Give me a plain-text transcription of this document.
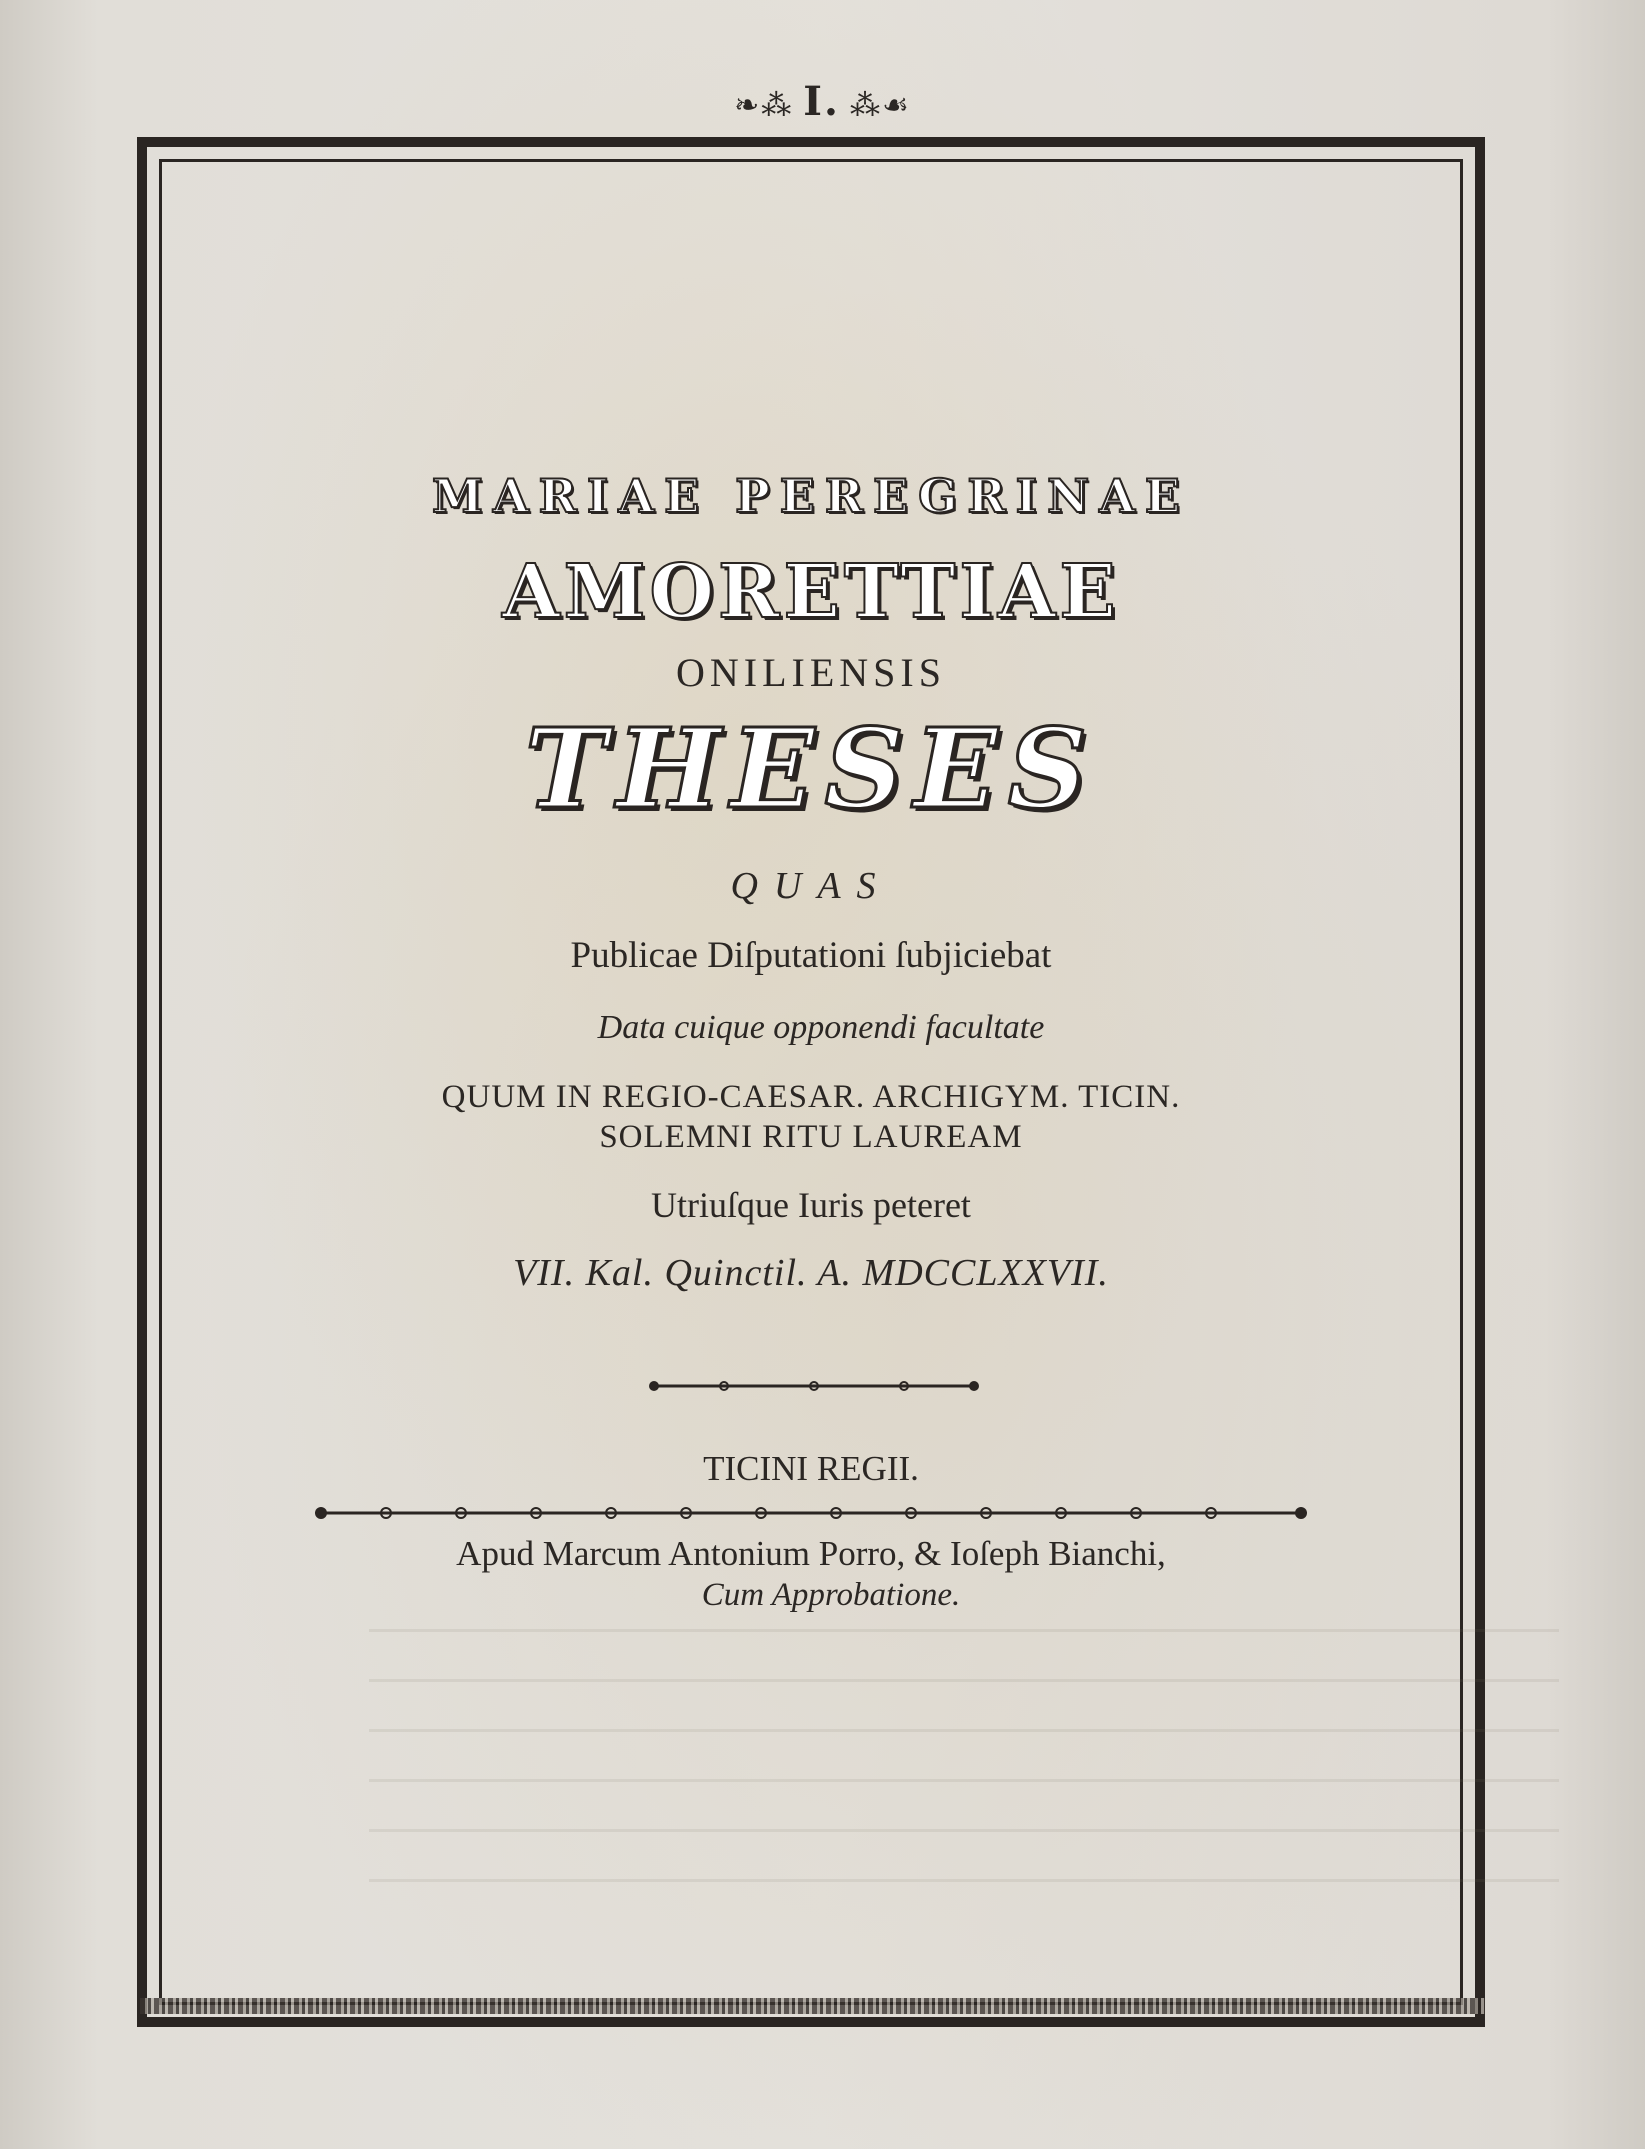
❧⁂ I. ⁂☙
MARIAE PEREGRINAE
AMORETTIAE
ONILIENSIS
THESES
QUAS
Publicae Diſputationi ſubjiciebat
Data cuique opponendi facultate
QUUM IN REGIO-CAESAR. ARCHIGYM. TICIN.
SOLEMNI RITU LAUREAM
Utriuſque Iuris peteret
VII. Kal. Quinctil. A. MDCCLXXVII.
TICINI REGII.
Apud Marcum Antonium Porro, & Ioſeph Bianchi,
Cum Approbatione.
